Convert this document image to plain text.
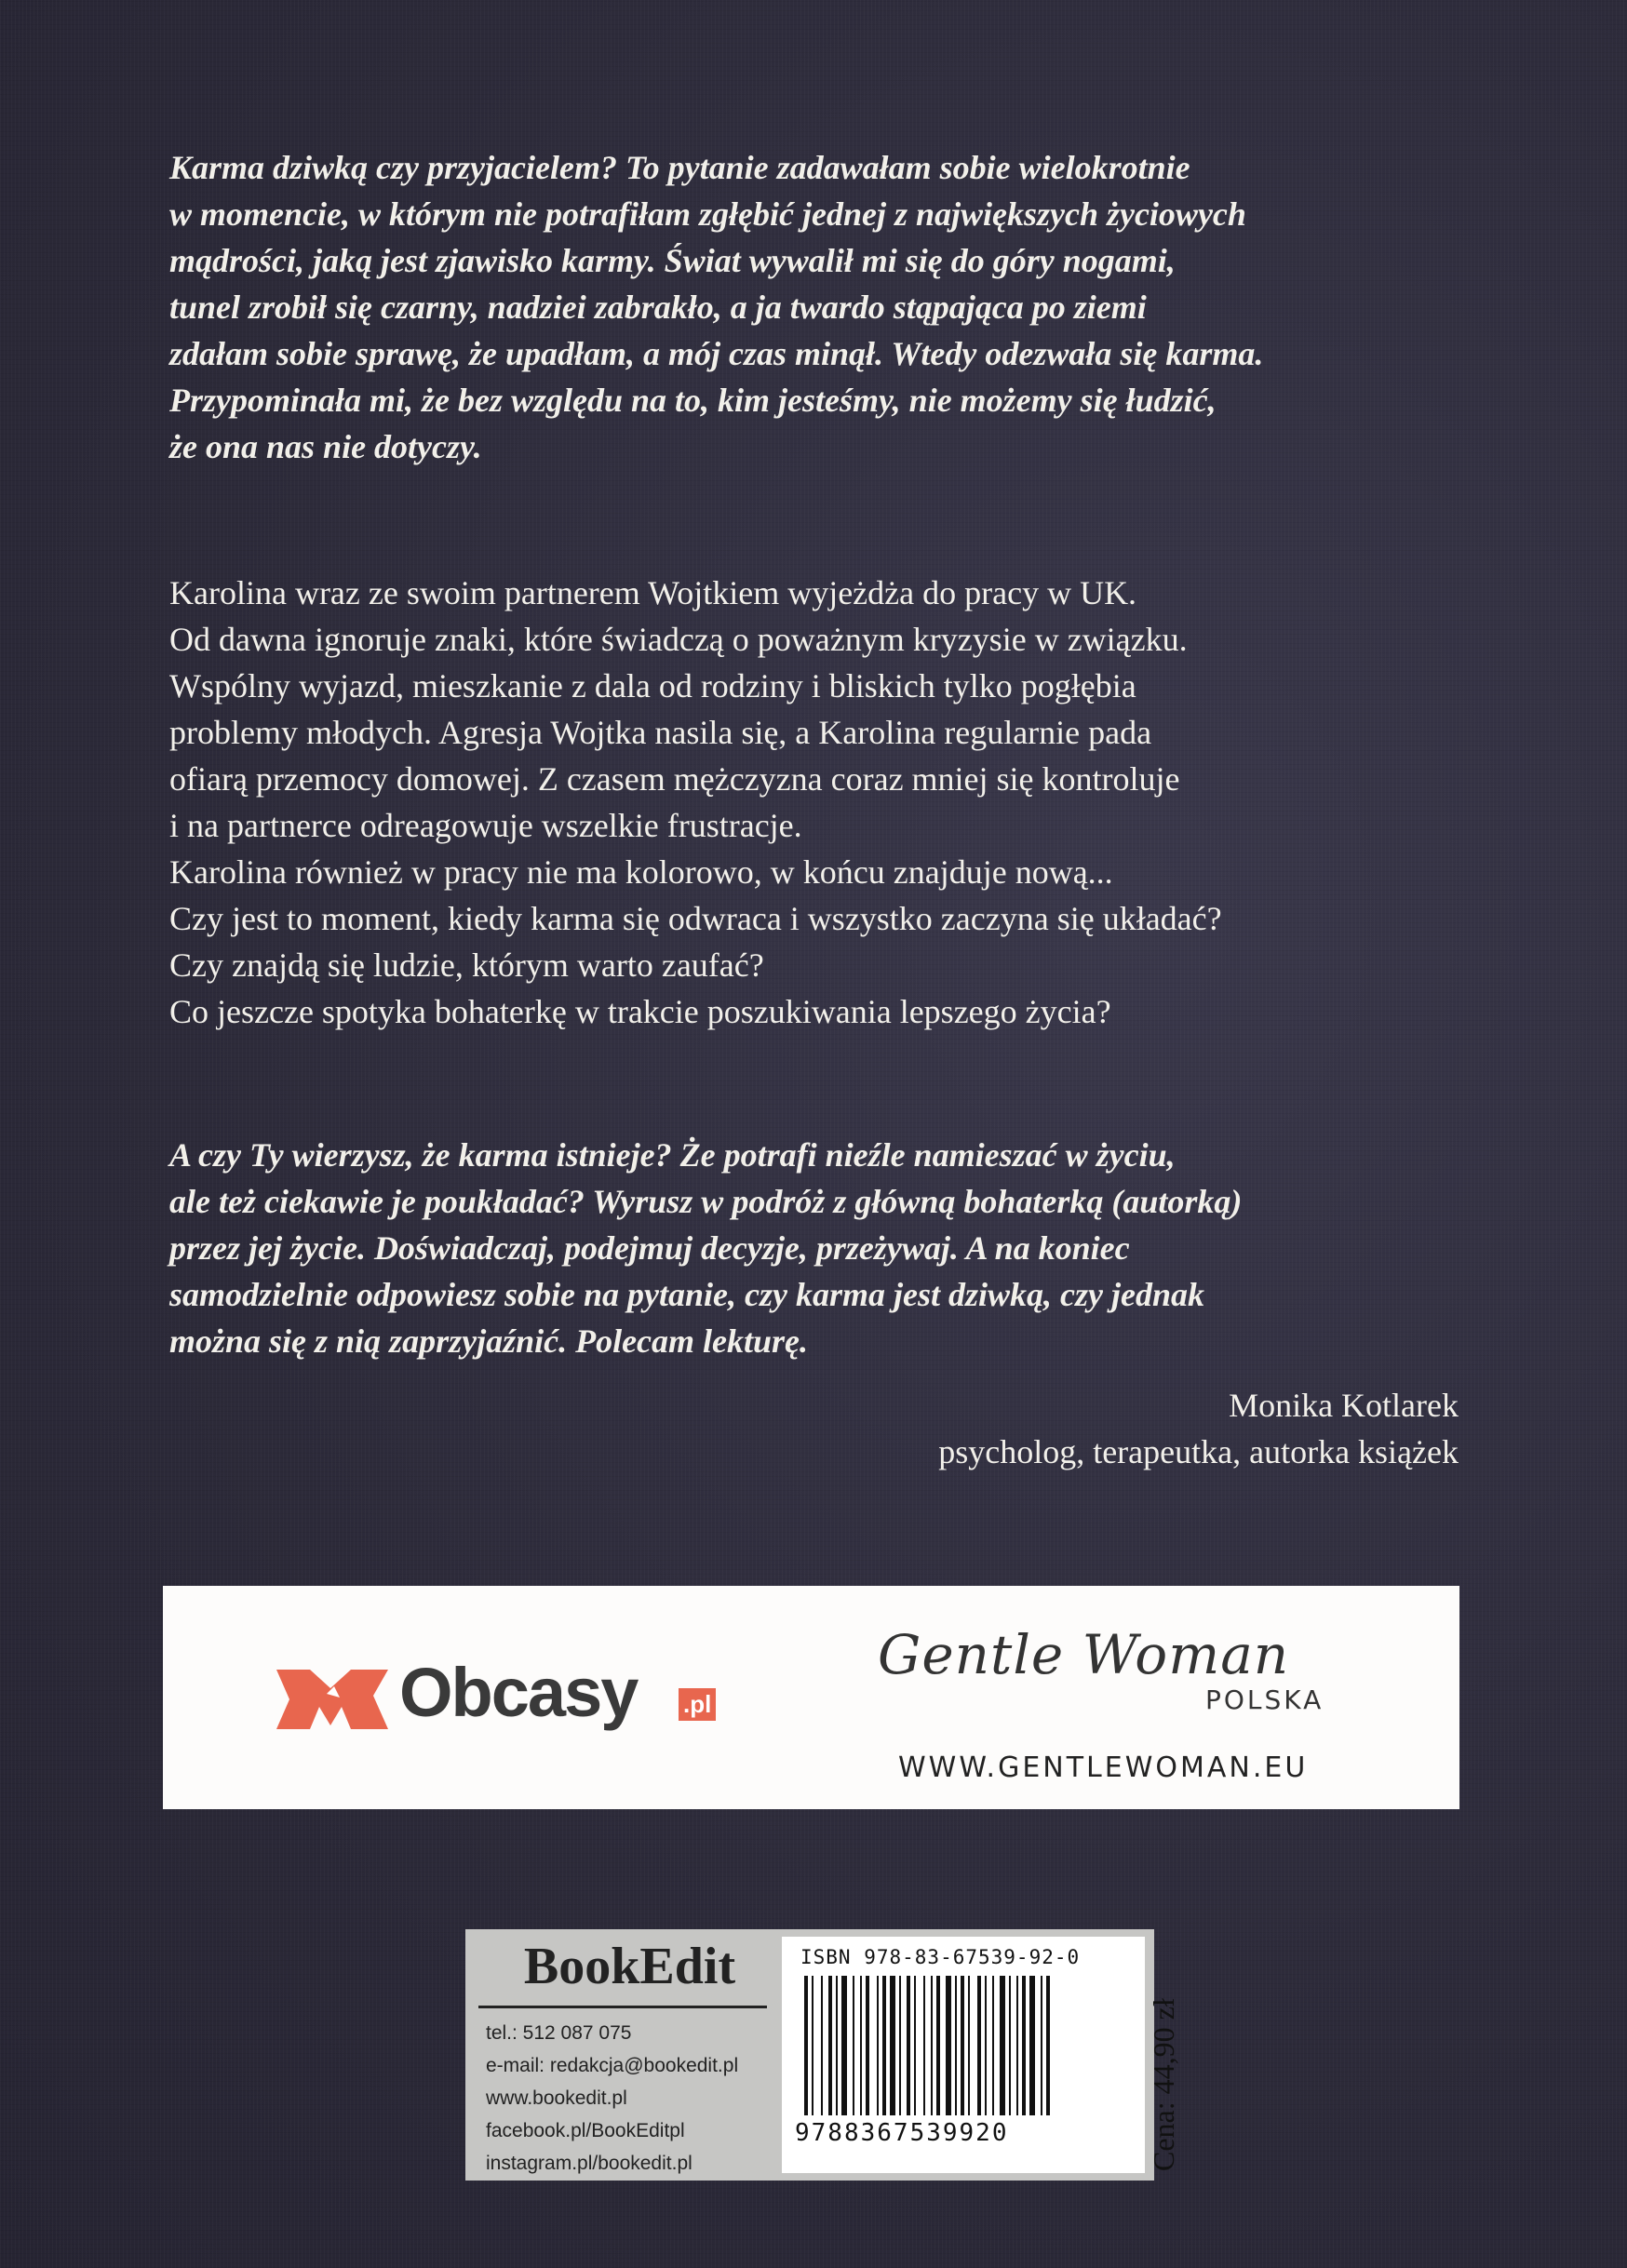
Karma dziwką czy przyjacielem? To pytanie zadawałam sobie wielokrotnie
w momencie, w którym nie potrafiłam zgłębić jednej z największych życiowych
mądrości, jaką jest zjawisko karmy. Świat wywalił mi się do góry nogami,
tunel zrobił się czarny, nadziei zabrakło, a ja twardo stąpająca po ziemi
zdałam sobie sprawę, że upadłam, a mój czas minął. Wtedy odezwała się karma.
Przypominała mi, że bez względu na to, kim jesteśmy, nie możemy się łudzić,
że ona nas nie dotyczy.

Karolina wraz ze swoim partnerem Wojtkiem wyjeżdża do pracy w UK.
Od dawna ignoruje znaki, które świadczą o poważnym kryzysie w związku.
Wspólny wyjazd, mieszkanie z dala od rodziny i bliskich tylko pogłębia
problemy młodych. Agresja Wojtka nasila się, a Karolina regularnie pada
ofiarą przemocy domowej. Z czasem mężczyzna coraz mniej się kontroluje
i na partnerce odreagowuje wszelkie frustracje.
Karolina również w pracy nie ma kolorowo, w końcu znajduje nową...
Czy jest to moment, kiedy karma się odwraca i wszystko zaczyna się układać?
Czy znajdą się ludzie, którym warto zaufać?
Co jeszcze spotyka bohaterkę w trakcie poszukiwania lepszego życia?

A czy Ty wierzysz, że karma istnieje? Że potrafi nieźle namieszać w życiu,
ale też ciekawie je poukładać? Wyrusz w podróż z główną bohaterką (autorką)
przez jej życie. Doświadczaj, podejmuj decyzje, przeżywaj. A na koniec
samodzielnie odpowiesz sobie na pytanie, czy karma jest dziwką, czy jednak
można się z nią zaprzyjaźnić. Polecam lekturę.

Monika Kotlarek
psycholog, terapeutka, autorka książek
Obcasy .pl
Gentle Woman
POLSKA
WWW.GENTLEWOMAN.EU
BookEdit
tel.: 512 087 075
e-mail: redakcja@bookedit.pl
www.bookedit.pl
facebook.pl/BookEditpl
instagram.pl/bookedit.pl
ISBN 978-83-67539-92-0
9788367539920	Cena: 44,90 zł
